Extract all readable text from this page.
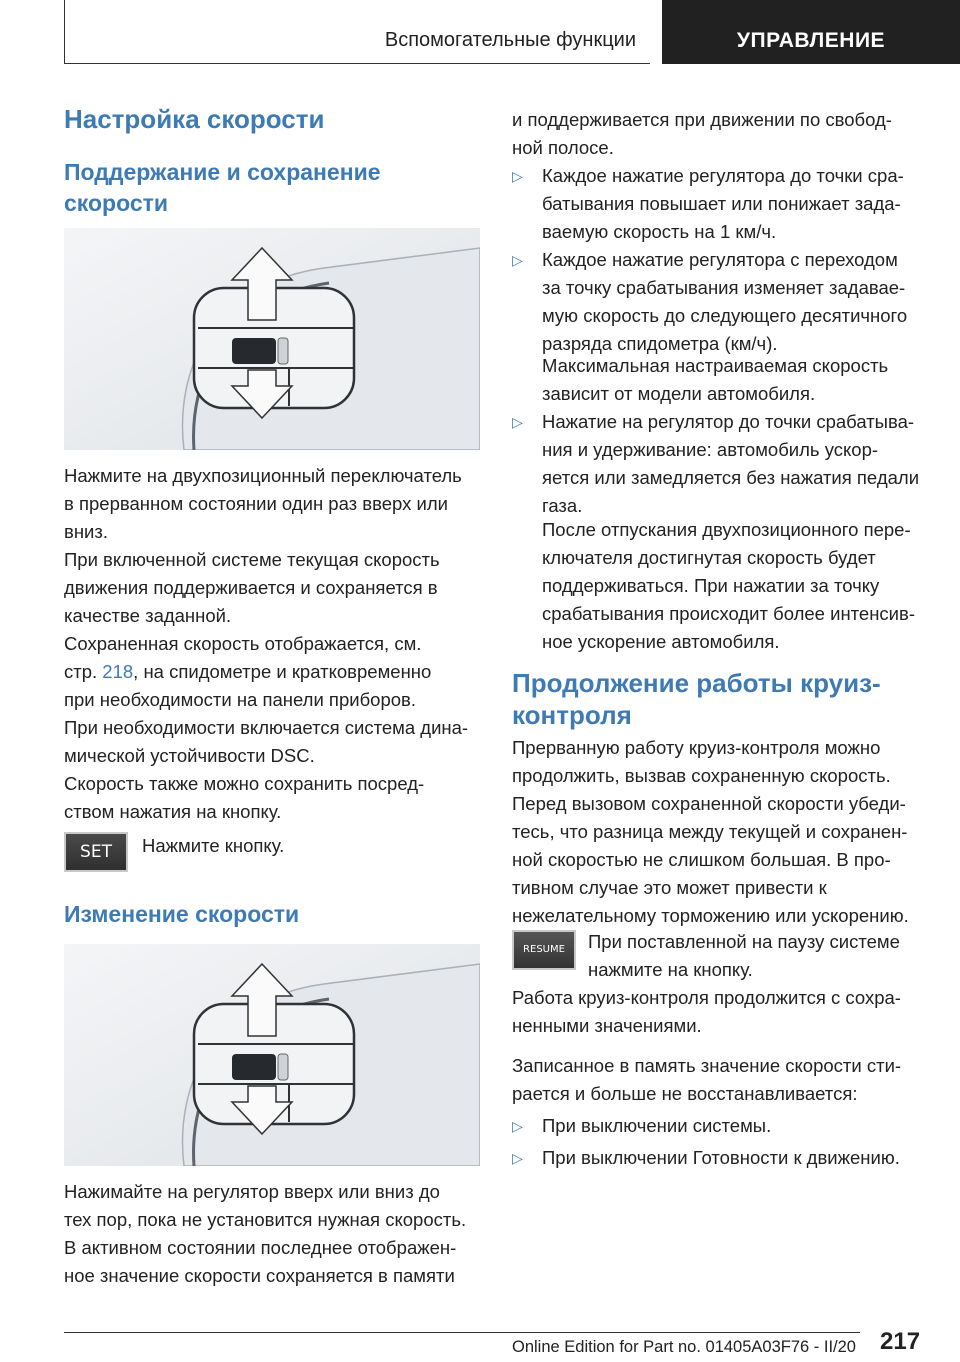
Вспомогательные функции	УПРАВЛЕНИЕ
Настройка скорости
Поддержание и сохранение
скорости
Нажмите на двухпозиционный переключатель
в прерванном состоянии один раз вверх или
вниз.
При включенной системе текущая скорость
движения поддерживается и сохраняется в
качестве заданной.
Сохраненная скорость отображается, см.
стр. 218, на спидометре и кратковременно
при необходимости на панели приборов.
При необходимости включается система дина-
мической устойчивости DSC.
Скорость также можно сохранить посред-
ством нажатия на кнопку.
SET	Нажмите кнопку.
Изменение скорости
Нажимайте на регулятор вверх или вниз до
тех пор, пока не установится нужная скорость.
В активном состоянии последнее отображен-
ное значение скорости сохраняется в памяти
и поддерживается при движении по свобод-
ной полосе.
▷ Каждое нажатие регулятора до точки сра-
батывания повышает или понижает зада-
ваемую скорость на 1 км/ч.
▷ Каждое нажатие регулятора с переходом
за точку срабатывания изменяет задавае-
мую скорость до следующего десятичного
разряда спидометра (км/ч).
Максимальная настраиваемая скорость
зависит от модели автомобиля.
▷ Нажатие на регулятор до точки срабатыва-
ния и удерживание: автомобиль ускор-
яется или замедляется без нажатия педали
газа.
После отпускания двухпозиционного пере-
ключателя достигнутая скорость будет
поддерживаться. При нажатии за точку
срабатывания происходит более интенсив-
ное ускорение автомобиля.
Продолжение работы круиз-
контроля
Прерванную работу круиз-контроля можно
продолжить, вызвав сохраненную скорость.
Перед вызовом сохраненной скорости убеди-
тесь, что разница между текущей и сохранен-
ной скоростью не слишком большая. В про-
тивном случае это может привести к
нежелательному торможению или ускорению.
RESUME	При поставленной на паузу системе
нажмите на кнопку.
Работа круиз-контроля продолжится с сохра-
ненными значениями.
Записанное в память значение скорости сти-
рается и больше не восстанавливается:
▷ При выключении системы.
▷ При выключении Готовности к движению.
217
Online Edition for Part no. 01405A03F76 - II/20
